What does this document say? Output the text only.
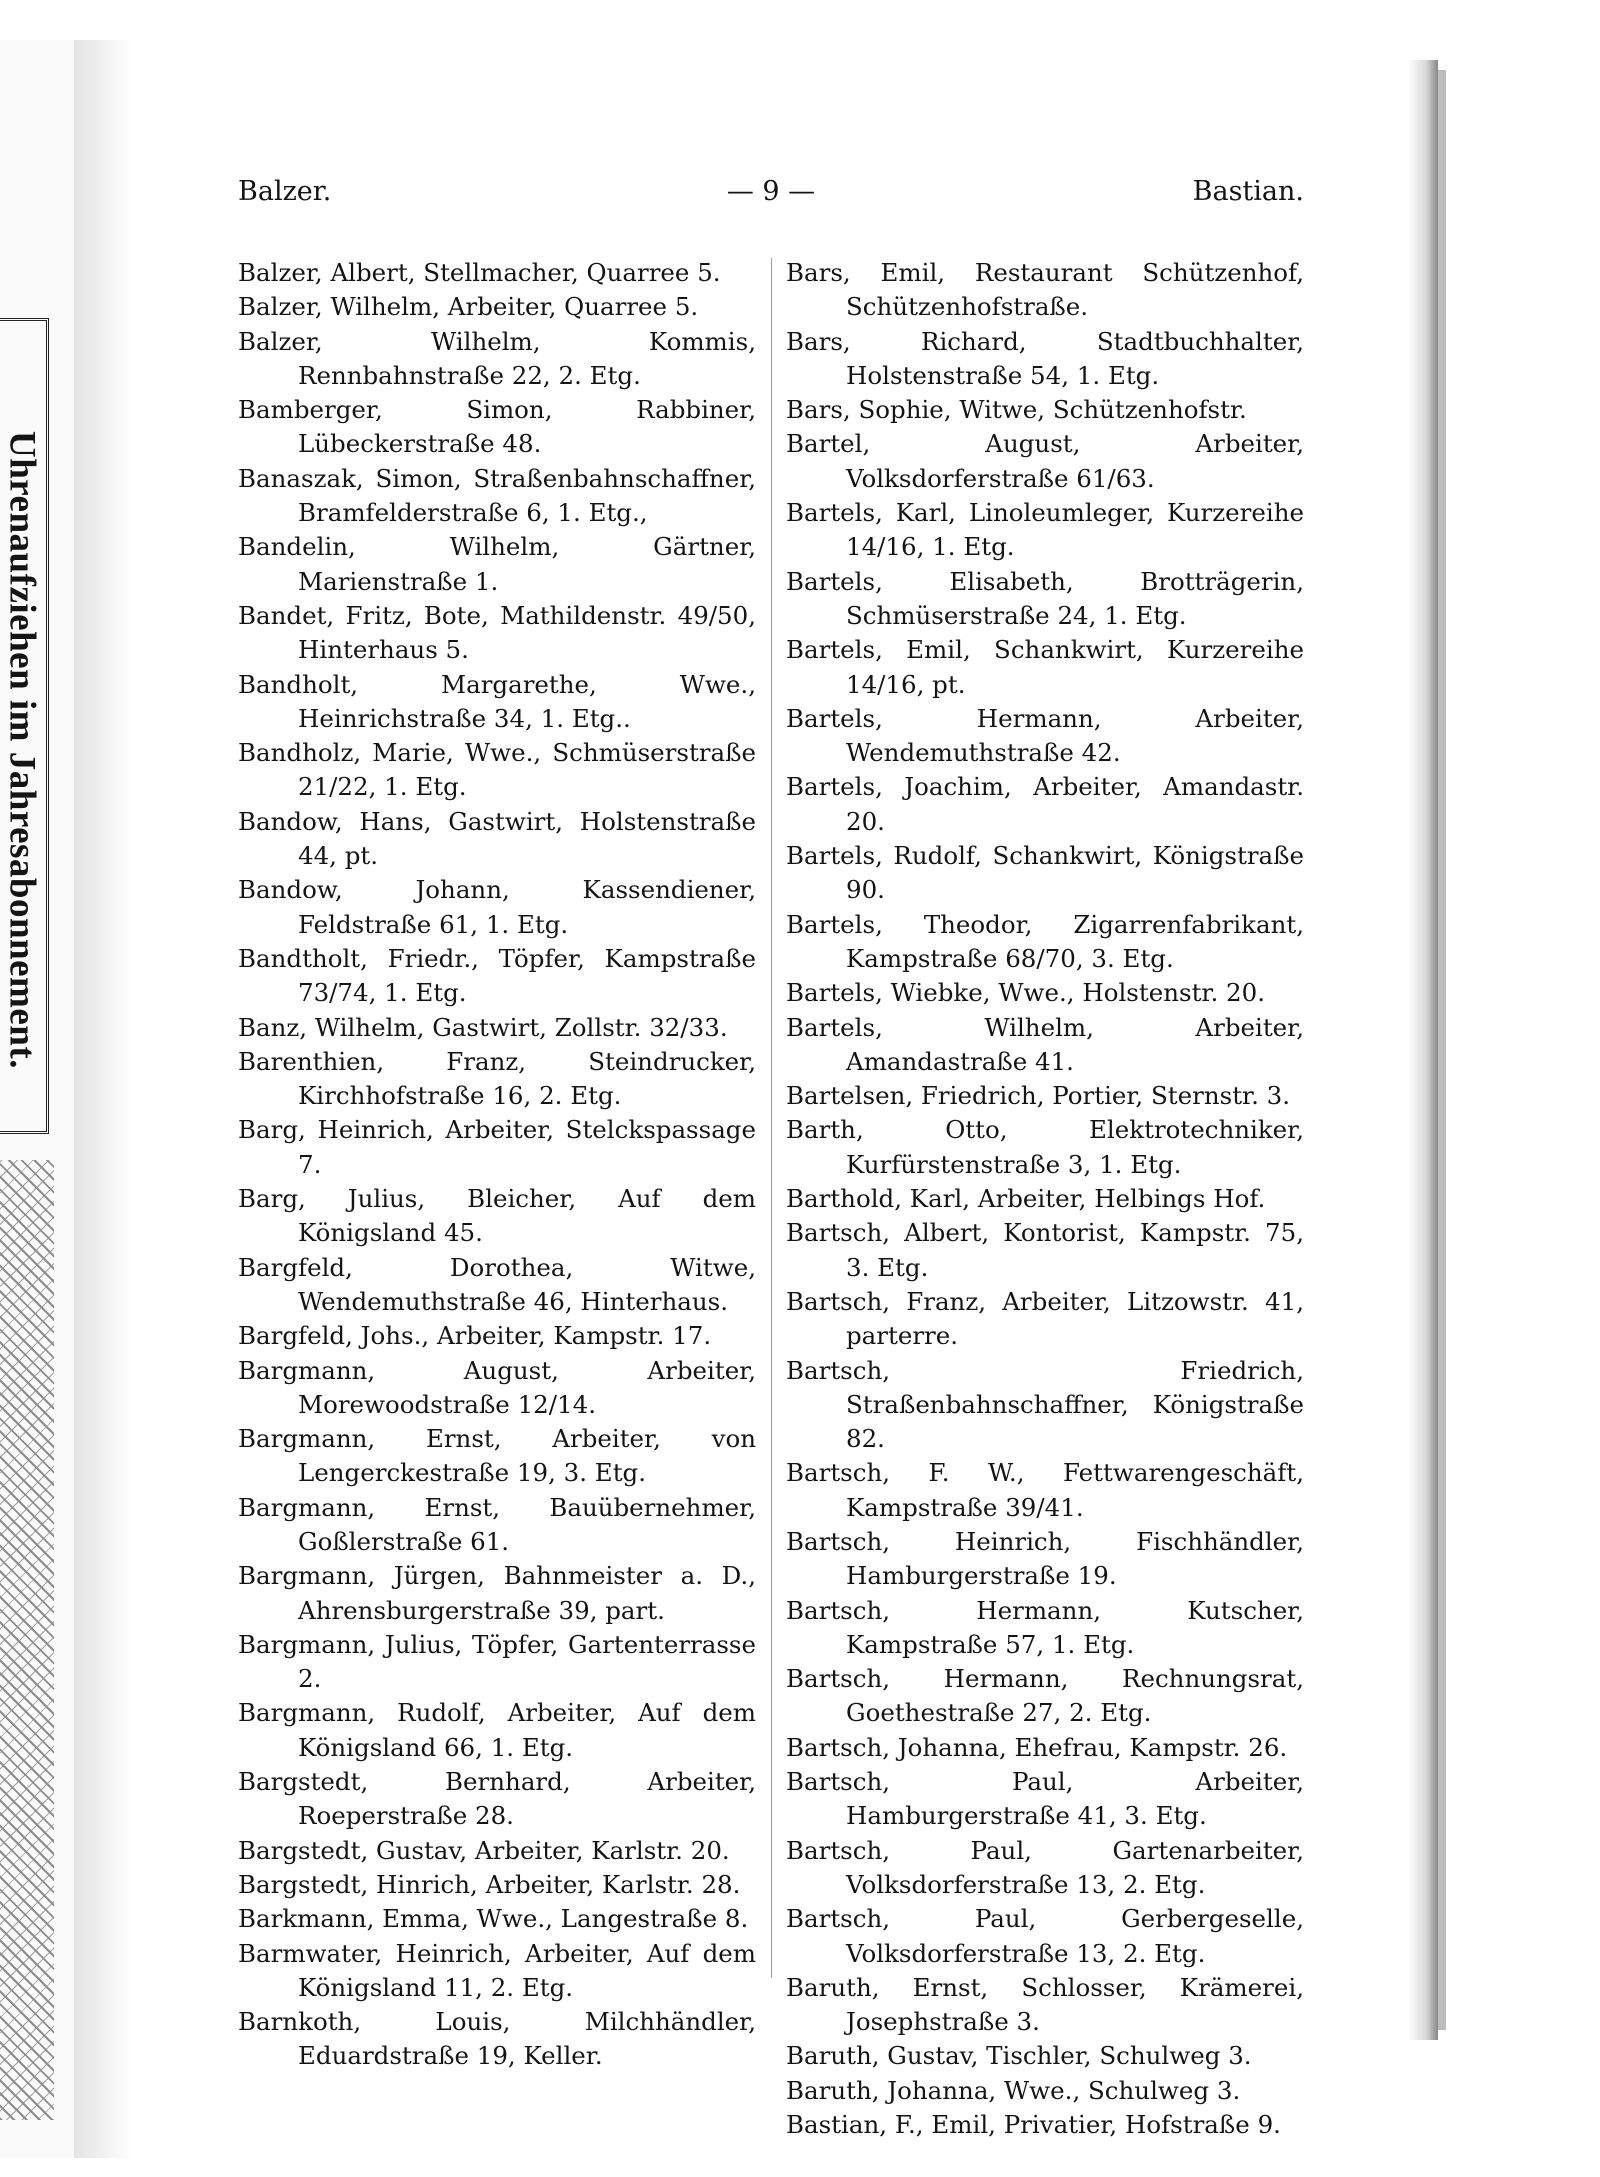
Uhrenaufziehen im Jahresabonnement.
Balzer.	— 9 —	Bastian.
Balzer, Albert, Stellmacher, Quarree 5.
Balzer, Wilhelm, Arbeiter, Quarree 5.
Balzer, Wilhelm, Kommis, Rennbahnstraße 22, 2. Etg.
Bamberger, Simon, Rabbiner, Lübeckerstraße 48.
Banaszak, Simon, Straßenbahnschaffner, Bramfelderstraße 6, 1. Etg.,
Bandelin, Wilhelm, Gärtner, Marienstraße 1.
Bandet, Fritz, Bote, Mathildenstr. 49/50, Hinterhaus 5.
Bandholt, Margarethe, Wwe., Heinrichstraße 34, 1. Etg..
Bandholz, Marie, Wwe., Schmüserstraße 21/22, 1. Etg.
Bandow, Hans, Gastwirt, Holstenstraße 44, pt.
Bandow, Johann, Kassendiener, Feldstraße 61, 1. Etg.
Bandtholt, Friedr., Töpfer, Kampstraße 73/74, 1. Etg.
Banz, Wilhelm, Gastwirt, Zollstr. 32/33.
Barenthien, Franz, Steindrucker, Kirchhofstraße 16, 2. Etg.
Barg, Heinrich, Arbeiter, Stelckspassage 7.
Barg, Julius, Bleicher, Auf dem Königsland 45.
Bargfeld, Dorothea, Witwe, Wendemuthstraße 46, Hinterhaus.
Bargfeld, Johs., Arbeiter, Kampstr. 17.
Bargmann, August, Arbeiter, Morewoodstraße 12/14.
Bargmann, Ernst, Arbeiter, von Lengerckestraße 19, 3. Etg.
Bargmann, Ernst, Bauübernehmer, Goßlerstraße 61.
Bargmann, Jürgen, Bahnmeister a. D., Ahrensburgerstraße 39, part.
Bargmann, Julius, Töpfer, Gartenterrasse 2.
Bargmann, Rudolf, Arbeiter, Auf dem Königsland 66, 1. Etg.
Bargstedt, Bernhard, Arbeiter, Roeperstraße 28.
Bargstedt, Gustav, Arbeiter, Karlstr. 20.
Bargstedt, Hinrich, Arbeiter, Karlstr. 28.
Barkmann, Emma, Wwe., Langestraße 8.
Barmwater, Heinrich, Arbeiter, Auf dem Königsland 11, 2. Etg.
Barnkoth, Louis, Milchhändler, Eduardstraße 19, Keller.
Bars, Emil, Restaurant Schützenhof, Schützenhofstraße.
Bars, Richard, Stadtbuchhalter, Holstenstraße 54, 1. Etg.
Bars, Sophie, Witwe, Schützenhofstr.
Bartel, August, Arbeiter, Volksdorferstraße 61/63.
Bartels, Karl, Linoleumleger, Kurzereihe 14/16, 1. Etg.
Bartels, Elisabeth, Brotträgerin, Schmüserstraße 24, 1. Etg.
Bartels, Emil, Schankwirt, Kurzereihe 14/16, pt.
Bartels, Hermann, Arbeiter, Wendemuthstraße 42.
Bartels, Joachim, Arbeiter, Amandastr. 20.
Bartels, Rudolf, Schankwirt, Königstraße 90.
Bartels, Theodor, Zigarrenfabrikant, Kampstraße 68/70, 3. Etg.
Bartels, Wiebke, Wwe., Holstenstr. 20.
Bartels, Wilhelm, Arbeiter, Amandastraße 41.
Bartelsen, Friedrich, Portier, Sternstr. 3.
Barth, Otto, Elektrotechniker, Kurfürstenstraße 3, 1. Etg.
Barthold, Karl, Arbeiter, Helbings Hof.
Bartsch, Albert, Kontorist, Kampstr. 75, 3. Etg.
Bartsch, Franz, Arbeiter, Litzowstr. 41, parterre.
Bartsch, Friedrich, Straßenbahnschaffner, Königstraße 82.
Bartsch, F. W., Fettwarengeschäft, Kampstraße 39/41.
Bartsch, Heinrich, Fischhändler, Hamburgerstraße 19.
Bartsch, Hermann, Kutscher, Kampstraße 57, 1. Etg.
Bartsch, Hermann, Rechnungsrat, Goethestraße 27, 2. Etg.
Bartsch, Johanna, Ehefrau, Kampstr. 26.
Bartsch, Paul, Arbeiter, Hamburgerstraße 41, 3. Etg.
Bartsch, Paul, Gartenarbeiter, Volksdorferstraße 13, 2. Etg.
Bartsch, Paul, Gerbergeselle, Volksdorferstraße 13, 2. Etg.
Baruth, Ernst, Schlosser, Krämerei, Josephstraße 3.
Baruth, Gustav, Tischler, Schulweg 3.
Baruth, Johanna, Wwe., Schulweg 3.
Bastian, F., Emil, Privatier, Hofstraße 9.
